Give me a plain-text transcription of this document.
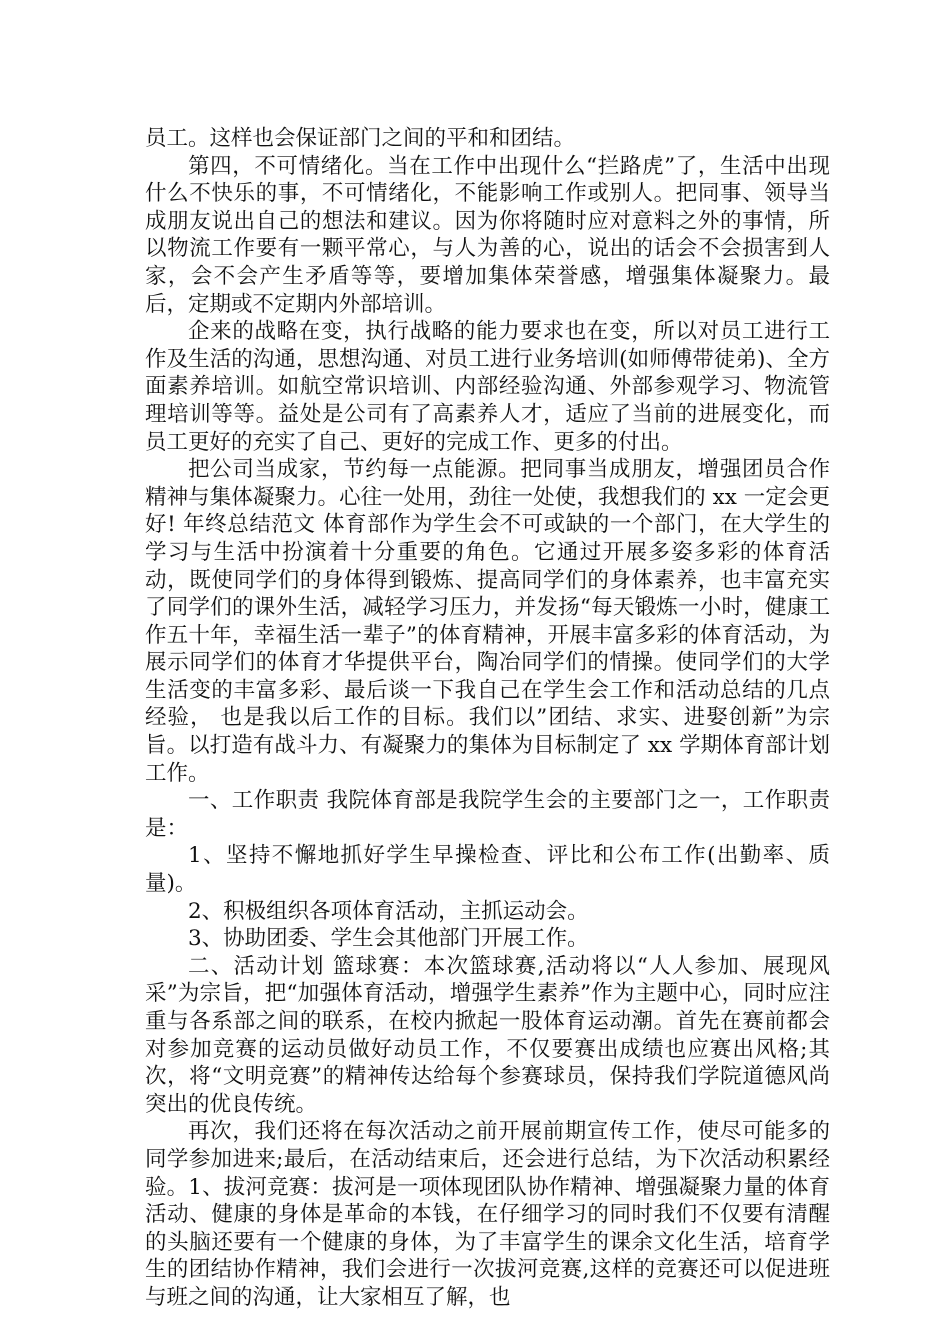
员工。这样也会保证部门之间的平和和团结。

第四，不可情绪化。当在工作中出现什么“拦路虎”了，生活中出现什么不快乐的事，不可情绪化，不能影响工作或别人。把同事、领导当成朋友说出自己的想法和建议。因为你将随时应对意料之外的事情，所以物流工作要有一颗平常心，与人为善的心，说出的话会不会损害到人家，会不会产生矛盾等等，要增加集体荣誉感，增强集体凝聚力。最后，定期或不定期内外部培训。

企来的战略在变，执行战略的能力要求也在变，所以对员工进行工作及生活的沟通，思想沟通、对员工进行业务培训(如师傅带徒弟)、全方面素养培训。如航空常识培训、内部经验沟通、外部参观学习、物流管理培训等等。益处是公司有了高素养人才，适应了当前的进展变化，而员工更好的充实了自己、更好的完成工作、更多的付出。

把公司当成家，节约每一点能源。把同事当成朋友，增强团员合作精神与集体凝聚力。心往一处用，劲往一处使，我想我们的 xx 一定会更好! 年终总结范文 体育部作为学生会不可或缺的一个部门，在大学生的学习与生活中扮演着十分重要的角色。它通过开展多姿多彩的体育活动，既使同学们的身体得到锻炼、提高同学们的身体素养，也丰富充实了同学们的课外生活，减轻学习压力，并发扬“每天锻炼一小时，健康工作五十年，幸福生活一辈子”的体育精神，开展丰富多彩的体育活动，为展示同学们的体育才华提供平台，陶冶同学们的情操。使同学们的大学生活变的丰富多彩、最后谈一下我自己在学生会工作和活动总结的几点经验， 也是我以后工作的目标。我们以”团结、求实、进娶创新”为宗旨。以打造有战斗力、有凝聚力的集体为目标制定了 xx 学期体育部计划工作。

一、工作职责 我院体育部是我院学生会的主要部门之一，工作职责是：

1、坚持不懈地抓好学生早操检查、评比和公布工作(出勤率、质量)。

2、积极组织各项体育活动，主抓运动会。

3、协助团委、学生会其他部门开展工作。

二、活动计划 篮球赛：本次篮球赛,活动将以“人人参加、展现风采”为宗旨，把“加强体育活动，增强学生素养”作为主题中心，同时应注重与各系部之间的联系，在校内掀起一股体育运动潮。首先在赛前都会对参加竞赛的运动员做好动员工作，不仅要赛出成绩也应赛出风格;其次，将“文明竞赛”的精神传达给每个参赛球员，保持我们学院道德风尚突出的优良传统。

再次，我们还将在每次活动之前开展前期宣传工作，使尽可能多的同学参加进来;最后，在活动结束后，还会进行总结，为下次活动积累经验。1、拔河竞赛：拔河是一项体现团队协作精神、增强凝聚力量的体育活动、健康的身体是革命的本钱，在仔细学习的同时我们不仅要有清醒的头脑还要有一个健康的身体，为了丰富学生的课余文化生活，培育学生的团结协作精神，我们会进行一次拔河竞赛,这样的竞赛还可以促进班与班之间的沟通，让大家相互了解，也
